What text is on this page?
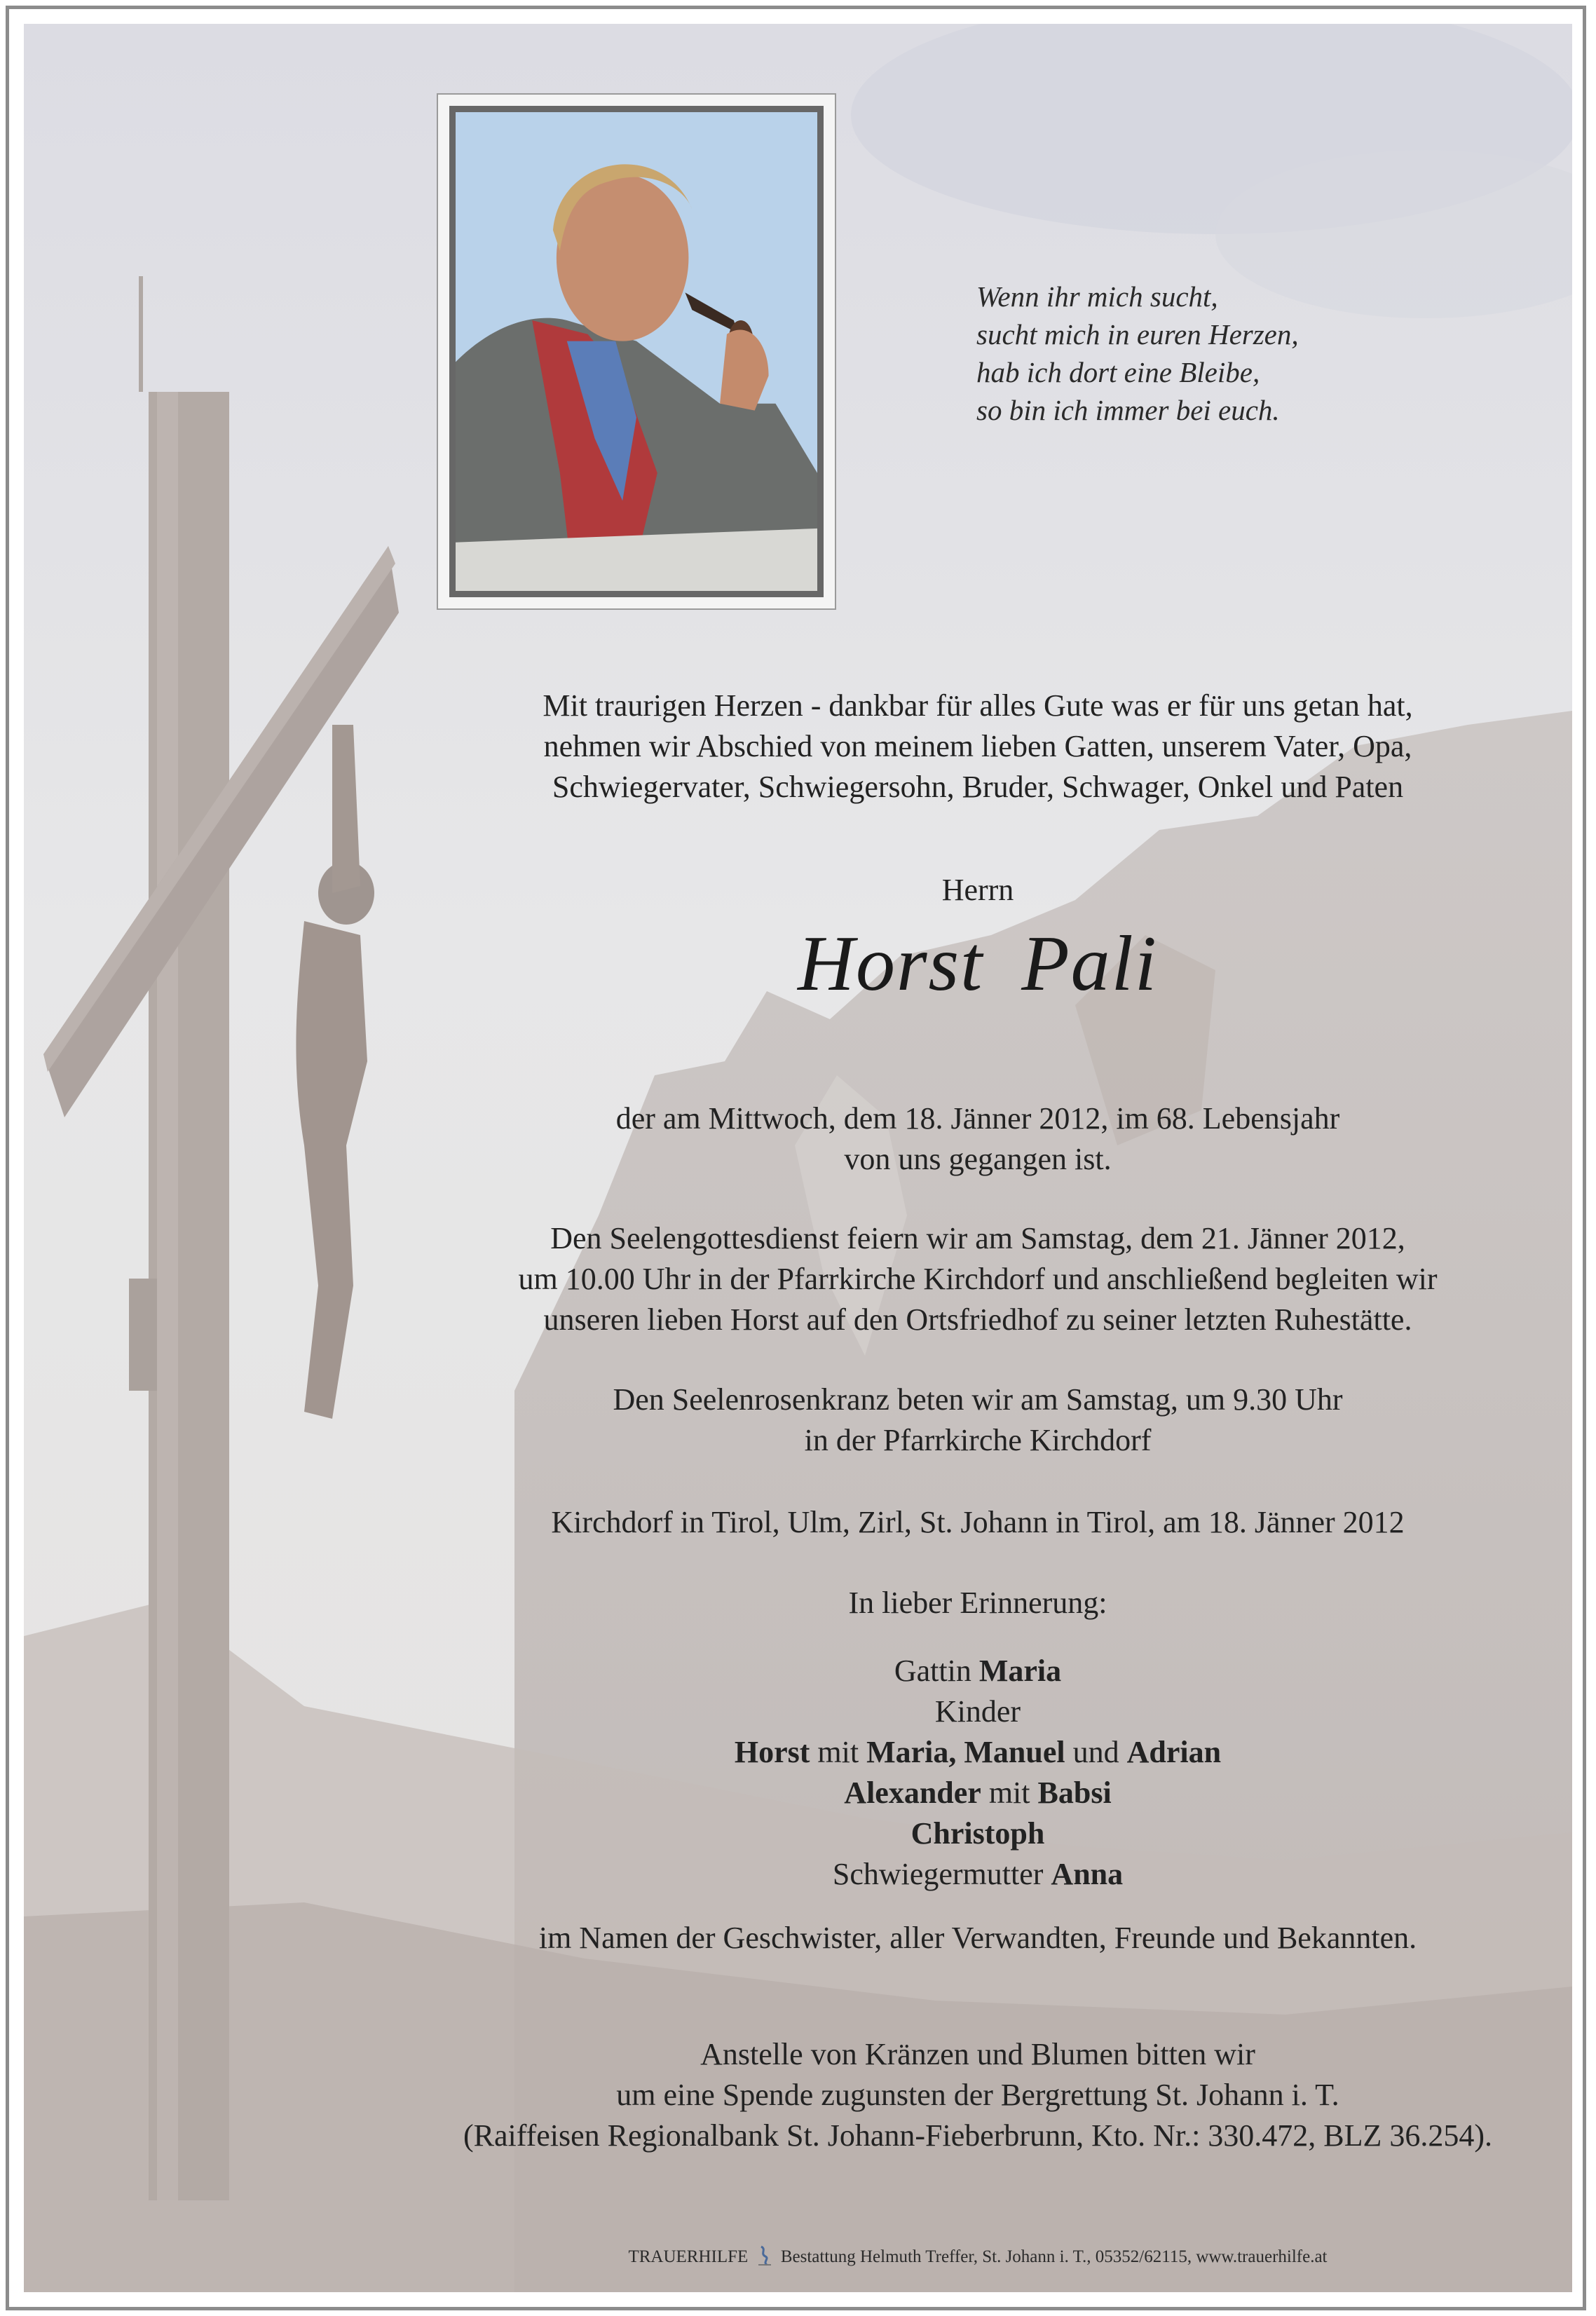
Wenn ihr mich sucht,
sucht mich in euren Herzen,
hab ich dort eine Bleibe,
so bin ich immer bei euch.
Mit traurigen Herzen - dankbar für alles Gute was er für uns getan hat,
nehmen wir Abschied von meinem lieben Gatten, unserem Vater, Opa,
Schwiegervater, Schwiegersohn, Bruder, Schwager, Onkel und Paten
Herrn
Horst Pali
der am Mittwoch, dem 18. Jänner 2012, im 68. Lebensjahr
von uns gegangen ist.
Den Seelengottesdienst feiern wir am Samstag, dem 21. Jänner 2012,
um 10.00 Uhr in der Pfarrkirche Kirchdorf und anschließend begleiten wir
unseren lieben Horst auf den Ortsfriedhof zu seiner letzten Ruhestätte.
Den Seelenrosenkranz beten wir am Samstag, um 9.30 Uhr
in der Pfarrkirche Kirchdorf
Kirchdorf in Tirol, Ulm, Zirl, St. Johann in Tirol, am 18. Jänner 2012
In lieber Erinnerung:
Gattin Maria
Kinder
Horst mit Maria, Manuel und Adrian
Alexander mit Babsi
Christoph
Schwiegermutter Anna
im Namen der Geschwister, aller Verwandten, Freunde und Bekannten.
Anstelle von Kränzen und Blumen bitten wir
um eine Spende zugunsten der Bergrettung St. Johann i. T.
(Raiffeisen Regionalbank St. Johann-Fieberbrunn, Kto. Nr.: 330.472, BLZ 36.254).
TRAUERHILFE Bestattung Helmuth Treffer, St. Johann i. T., 05352/62115, www.trauerhilfe.at
